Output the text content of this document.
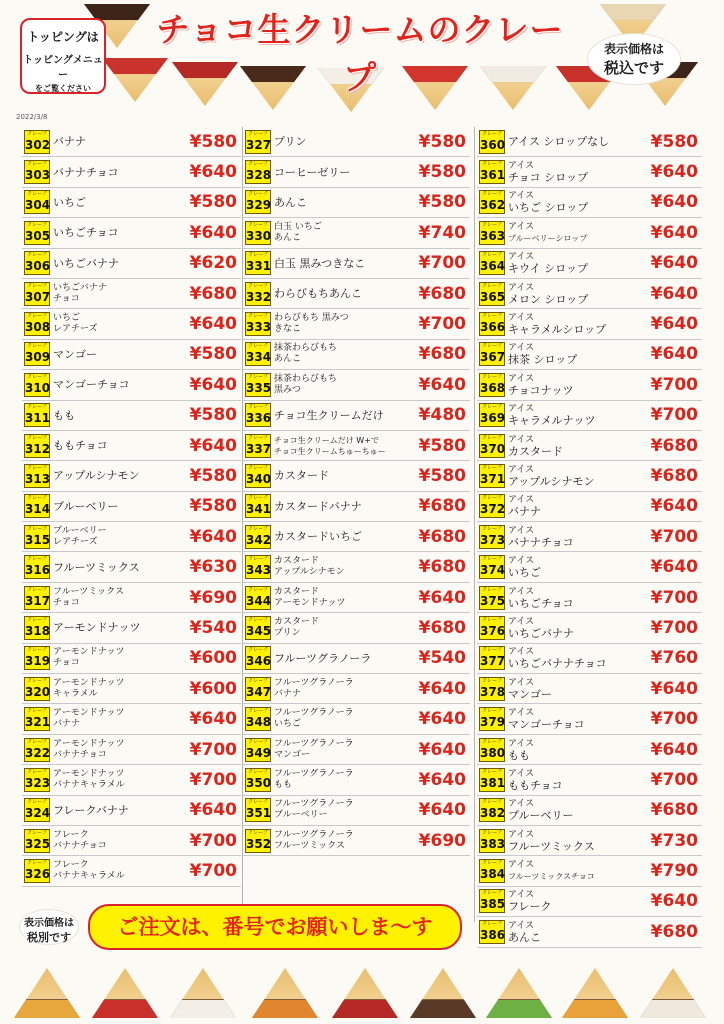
チョコ生クリームのクレープ
トッピングは
トッピングメニュー
をご覧ください
表示価格は
税込です
2022/3/8
クレープ
302 バナナ	¥580
クレープ
303 バナナチョコ	¥640
クレープ
304 いちご	¥580
クレープ
305 いちごチョコ	¥640
クレープ
306 いちごバナナ	¥620
クレープ
307
いちごバナナ
チョコ	¥680
クレープ
308
いちご
レアチーズ	¥640
クレープ
309 マンゴー	¥580
クレープ
310 マンゴーチョコ	¥640
クレープ
311 もも	¥580
クレープ
312 ももチョコ	¥640
クレープ
313 アップルシナモン	¥580
クレープ
314 ブルーベリー	¥580
クレープ
315
ブルーベリー
レアチーズ	¥640
クレープ
316 フルーツミックス	¥630
クレープ
317
フルーツミックス
チョコ	¥690
クレープ
318 アーモンドナッツ	¥540
クレープ
319
アーモンドナッツ
チョコ	¥600
クレープ
320
アーモンドナッツ
キャラメル	¥600
クレープ
321
アーモンドナッツ
バナナ	¥640
クレープ
322
アーモンドナッツ
バナナチョコ	¥700
クレープ
323
アーモンドナッツ
バナナキャラメル	¥700
クレープ
324 フレークバナナ	¥640
クレープ
325
フレーク
バナナチョコ	¥700
クレープ
326
フレーク
バナナキャラメル	¥700
クレープ
327 プリン	¥580
クレープ
328 コーヒーゼリー	¥580
クレープ
329 あんこ	¥580
クレープ
330
白玉 いちご
あんこ	¥740
クレープ
331 白玉 黒みつきなこ	¥700
クレープ
332 わらびもちあんこ	¥680
クレープ
333
わらびもち 黒みつ
きなこ	¥700
クレープ
334
抹茶わらびもち
あんこ	¥680
クレープ
335
抹茶わらびもち
黒みつ	¥640
クレープ
336 チョコ生クリームだけ	¥480
クレープ
337
チョコ生クリームだけ W+で
チョコ生クリームちゅーちゅー	¥580
クレープ
340 カスタード	¥580
クレープ
341 カスタードバナナ	¥680
クレープ
342 カスタードいちご	¥680
クレープ
343
カスタード
アップルシナモン	¥680
クレープ
344
カスタード
アーモンドナッツ	¥640
クレープ
345
カスタード
プリン	¥680
クレープ
346 フルーツグラノーラ	¥540
クレープ
347
フルーツグラノーラ
バナナ	¥640
クレープ
348
フルーツグラノーラ
いちご	¥640
クレープ
349
フルーツグラノーラ
マンゴー	¥640
クレープ
350
フルーツグラノーラ
もも	¥640
クレープ
351
フルーツグラノーラ
ブルーベリー	¥640
クレープ
352
フルーツグラノーラ
フルーツミックス	¥690
クレープ
360 アイス シロップなし	¥580
クレープ
361
アイス
チョコ シロップ	¥640
クレープ
362
アイス
いちご シロップ	¥640
クレープ
363
アイス
ブルーベリーシロップ	¥640
クレープ
364
アイス
キウイ シロップ	¥640
クレープ
365
アイス
メロン シロップ	¥640
クレープ
366
アイス
キャラメルシロップ	¥640
クレープ
367
アイス
抹茶 シロップ	¥640
クレープ
368
アイス
チョコナッツ	¥700
クレープ
369
アイス
キャラメルナッツ	¥700
クレープ
370
アイス
カスタード	¥680
クレープ
371
アイス
アップルシナモン	¥680
クレープ
372
アイス
バナナ	¥640
クレープ
373
アイス
バナナチョコ	¥700
クレープ
374
アイス
いちご	¥640
クレープ
375
アイス
いちごチョコ	¥700
クレープ
376
アイス
いちごバナナ	¥700
クレープ
377
アイス
いちごバナナチョコ	¥760
クレープ
378
アイス
マンゴー	¥640
クレープ
379
アイス
マンゴーチョコ	¥700
クレープ
380
アイス
もも	¥640
クレープ
381
アイス
ももチョコ	¥700
クレープ
382
アイス
ブルーベリー	¥680
クレープ
383
アイス
フルーツミックス	¥730
クレープ
384
アイス
フルーツミックスチョコ	¥790
クレープ
385
アイス
フレーク	¥640
クレープ
386
アイス
あんこ	¥680
表示価格は
税別です	ご注文は、番号でお願いしま〜す
